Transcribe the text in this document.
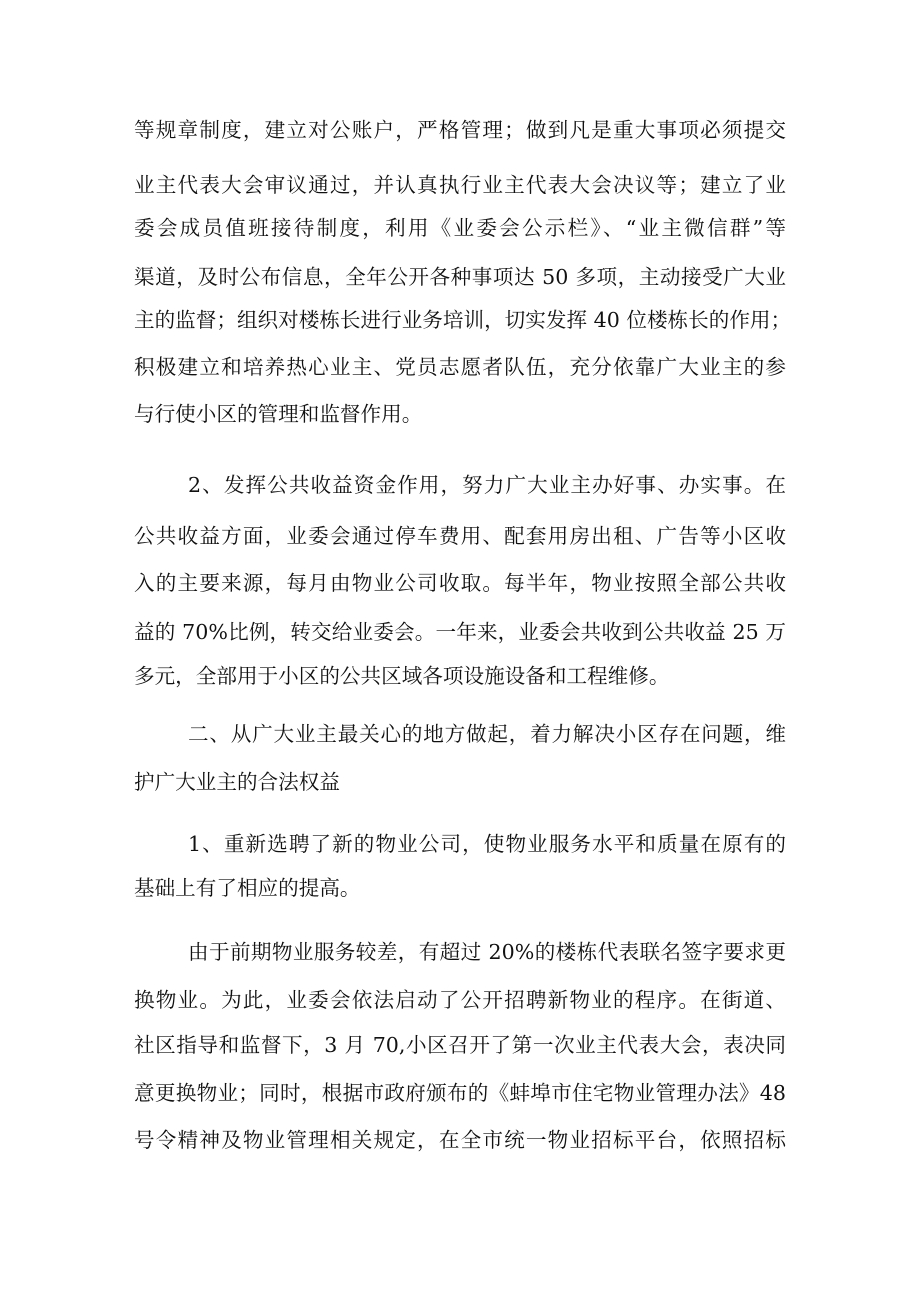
等规章制度，建立对公账户，严格管理；做到凡是重大事项必须提交
业主代表大会审议通过，并认真执行业主代表大会决议等；建立了业
委会成员值班接待制度，利用《业委会公示栏》、“业主微信群”等
渠道，及时公布信息，全年公开各种事项达 50 多项，主动接受广大业
主的监督；组织对楼栋长进行业务培训，切实发挥 40 位楼栋长的作用；
积极建立和培养热心业主、党员志愿者队伍，充分依靠广大业主的参
与行使小区的管理和监督作用。
2、发挥公共收益资金作用，努力广大业主办好事、办实事。在
公共收益方面，业委会通过停车费用、配套用房出租、广告等小区收
入的主要来源，每月由物业公司收取。每半年，物业按照全部公共收
益的 70%比例，转交给业委会。一年来，业委会共收到公共收益 25 万
多元，全部用于小区的公共区域各项设施设备和工程维修。
二、从广大业主最关心的地方做起，着力解决小区存在问题，维
护广大业主的合法权益
1、重新选聘了新的物业公司，使物业服务水平和质量在原有的
基础上有了相应的提高。
由于前期物业服务较差，有超过 20%的楼栋代表联名签字要求更
换物业。为此，业委会依法启动了公开招聘新物业的程序。在街道、
社区指导和监督下，3 月 70,小区召开了第一次业主代表大会，表决同
意更换物业；同时，根据市政府颁布的《蚌埠市住宅物业管理办法》48
号令精神及物业管理相关规定，在全市统一物业招标平台，依照招标
